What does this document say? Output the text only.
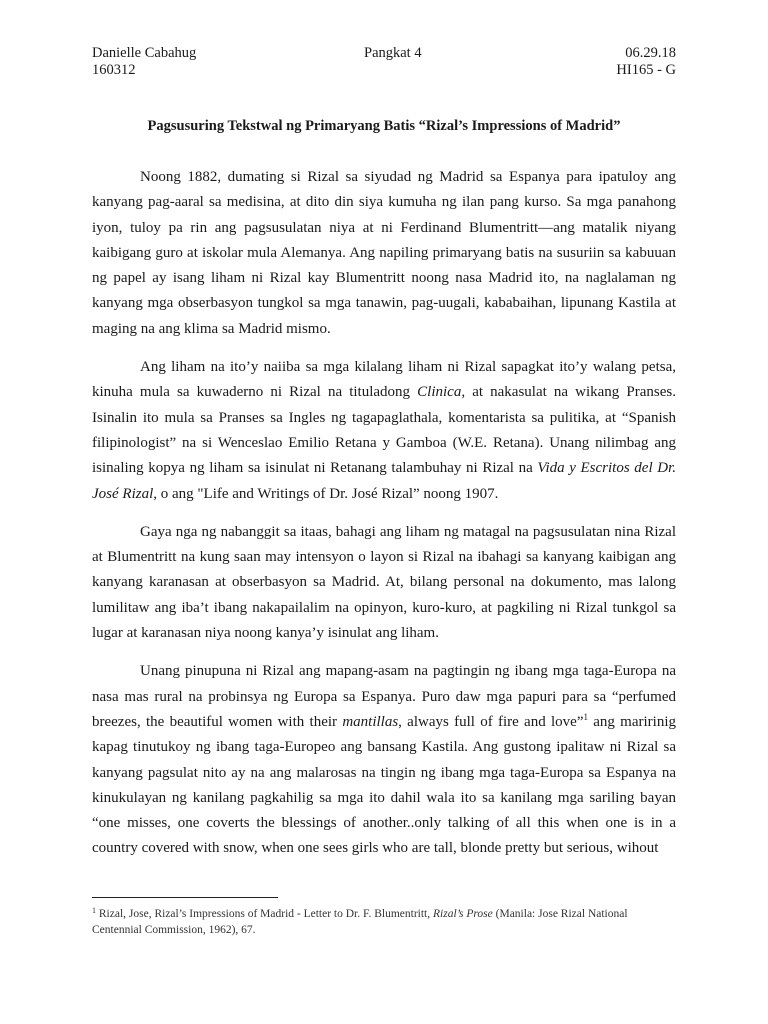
Danielle Cabahug	Pangkat 4	06.29.18
160312	HI165 - G
Pagsusuring Tekstwal ng Primaryang Batis “Rizal’s Impressions of Madrid”

Noong 1882, dumating si Rizal sa siyudad ng Madrid sa Espanya para ipatuloy ang kanyang pag-aaral sa medisina, at dito din siya kumuha ng ilan pang kurso. Sa mga panahong iyon, tuloy pa rin ang pagsusulatan niya at ni Ferdinand Blumentritt—ang matalik niyang kaibigang guro at iskolar mula Alemanya. Ang napiling primaryang batis na susuriin sa kabuuan ng papel ay isang liham ni Rizal kay Blumentritt noong nasa Madrid ito, na naglalaman ng kanyang mga obserbasyon tungkol sa mga tanawin, pag-uugali, kababaihan, lipunang Kastila at maging na ang klima sa Madrid mismo.

Ang liham na ito’y naiiba sa mga kilalang liham ni Rizal sapagkat ito’y walang petsa, kinuha mula sa kuwaderno ni Rizal na tituladong Clinica, at nakasulat na wikang Pranses. Isinalin ito mula sa Pranses sa Ingles ng tagapaglathala, komentarista sa pulitika, at “Spanish filipinologist” na si Wenceslao Emilio Retana y Gamboa (W.E. Retana). Unang nilimbag ang isinaling kopya ng liham sa isinulat ni Retanang talambuhay ni Rizal na Vida y Escritos del Dr. José Rizal, o ang "Life and Writings of Dr. José Rizal” noong 1907.

Gaya nga ng nabanggit sa itaas, bahagi ang liham ng matagal na pagsusulatan nina Rizal at Blumentritt na kung saan may intensyon o layon si Rizal na ibahagi sa kanyang kaibigan ang kanyang karanasan at obserbasyon sa Madrid. At, bilang personal na dokumento, mas lalong lumilitaw ang iba’t ibang nakapailalim na opinyon, kuro-kuro, at pagkiling ni Rizal tunkgol sa lugar at karanasan niya noong kanya’y isinulat ang liham.

Unang pinupuna ni Rizal ang mapang-asam na pagtingin ng ibang mga taga-Europa na nasa mas rural na probinsya ng Europa sa Espanya. Puro daw mga papuri para sa “perfumed breezes, the beautiful women with their mantillas, always full of fire and love”$^1$ ang maririnig kapag tinutukoy ng ibang taga-Europeo ang bansang Kastila. Ang gustong ipalitaw ni Rizal sa kanyang pagsulat nito ay na ang malarosas na tingin ng ibang mga taga-Europa sa Espanya na kinukulayan ng kanilang pagkahilig sa mga ito dahil wala ito sa kanilang mga sariling bayan “one misses, one coverts the blessings of another..only talking of all this when one is in a country covered with snow, when one sees girls who are tall, blonde pretty but serious, wihout

$^1$ Rizal, Jose, Rizal’s Impressions of Madrid - Letter to Dr. F. Blumentritt, Rizal’s Prose (Manila: Jose Rizal National Centennial Commission, 1962), 67.
